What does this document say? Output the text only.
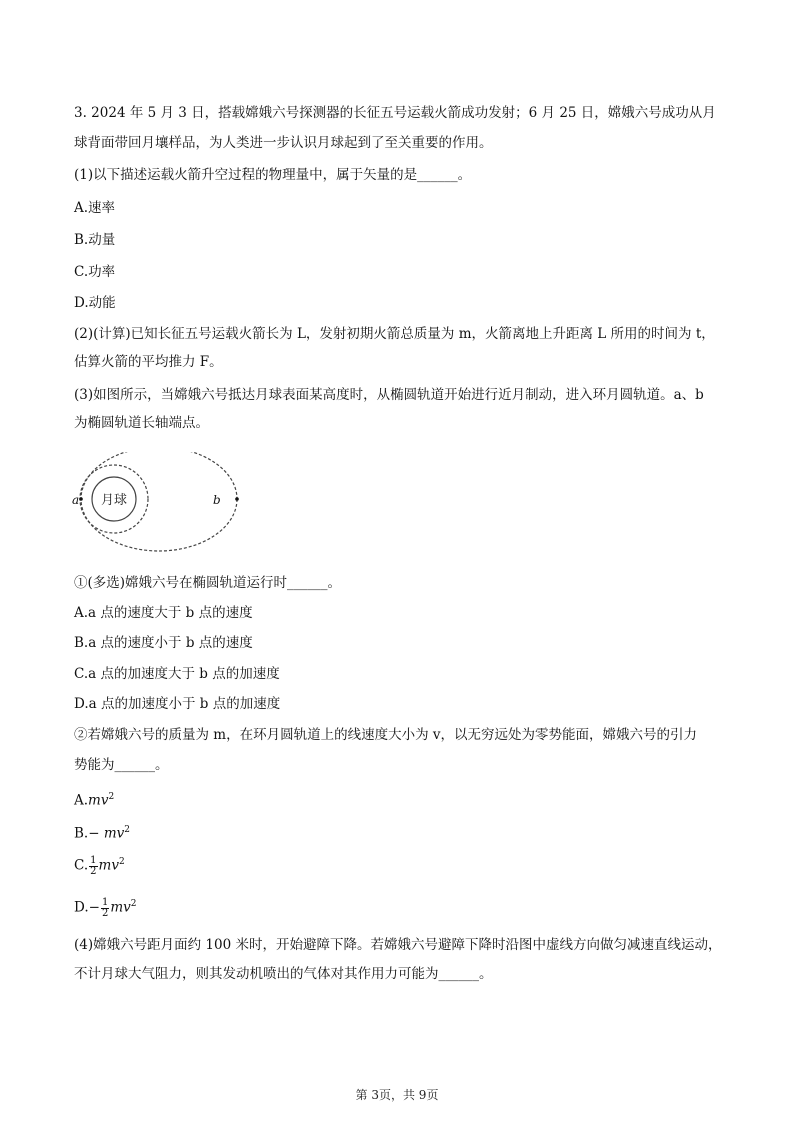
3. 2024 年 5 月 3 日，搭载嫦娥六号探测器的长征五号运载火箭成功发射；6 月 25 日，嫦娥六号成功从月
球背面带回月壤样品，为人类进一步认识月球起到了至关重要的作用。
(1)以下描述运载火箭升空过程的物理量中，属于矢量的是______。
A.速率
B.动量
C.功率
D.动能
(2)(计算)已知长征五号运载火箭长为 L，发射初期火箭总质量为 m，火箭离地上升距离 L 所用的时间为 t，
估算火箭的平均推力 F。
(3)如图所示，当嫦娥六号抵达月球表面某高度时，从椭圆轨道开始进行近月制动，进入环月圆轨道。a、b
为椭圆轨道长轴端点。
月球
a	b
①(多选)嫦娥六号在椭圆轨道运行时______。
A.a 点的速度大于 b 点的速度
B.a 点的速度小于 b 点的速度
C.a 点的加速度大于 b 点的加速度
D.a 点的加速度小于 b 点的加速度
②若嫦娥六号的质量为 m，在环月圆轨道上的线速度大小为 v，以无穷远处为零势能面，嫦娥六号的引力
势能为______。
$A.mv^2$
$B.- mv^2$
C. $\frac{1}{2} mv^2$
$D.- \frac{1}{2} mv^2$
(4)嫦娥六号距月面约 100 米时，开始避障下降。若嫦娥六号避障下降时沿图中虚线方向做匀减速直线运动，
不计月球大气阻力，则其发动机喷出的气体对其作用力可能为______。
第 3页，共 9页
